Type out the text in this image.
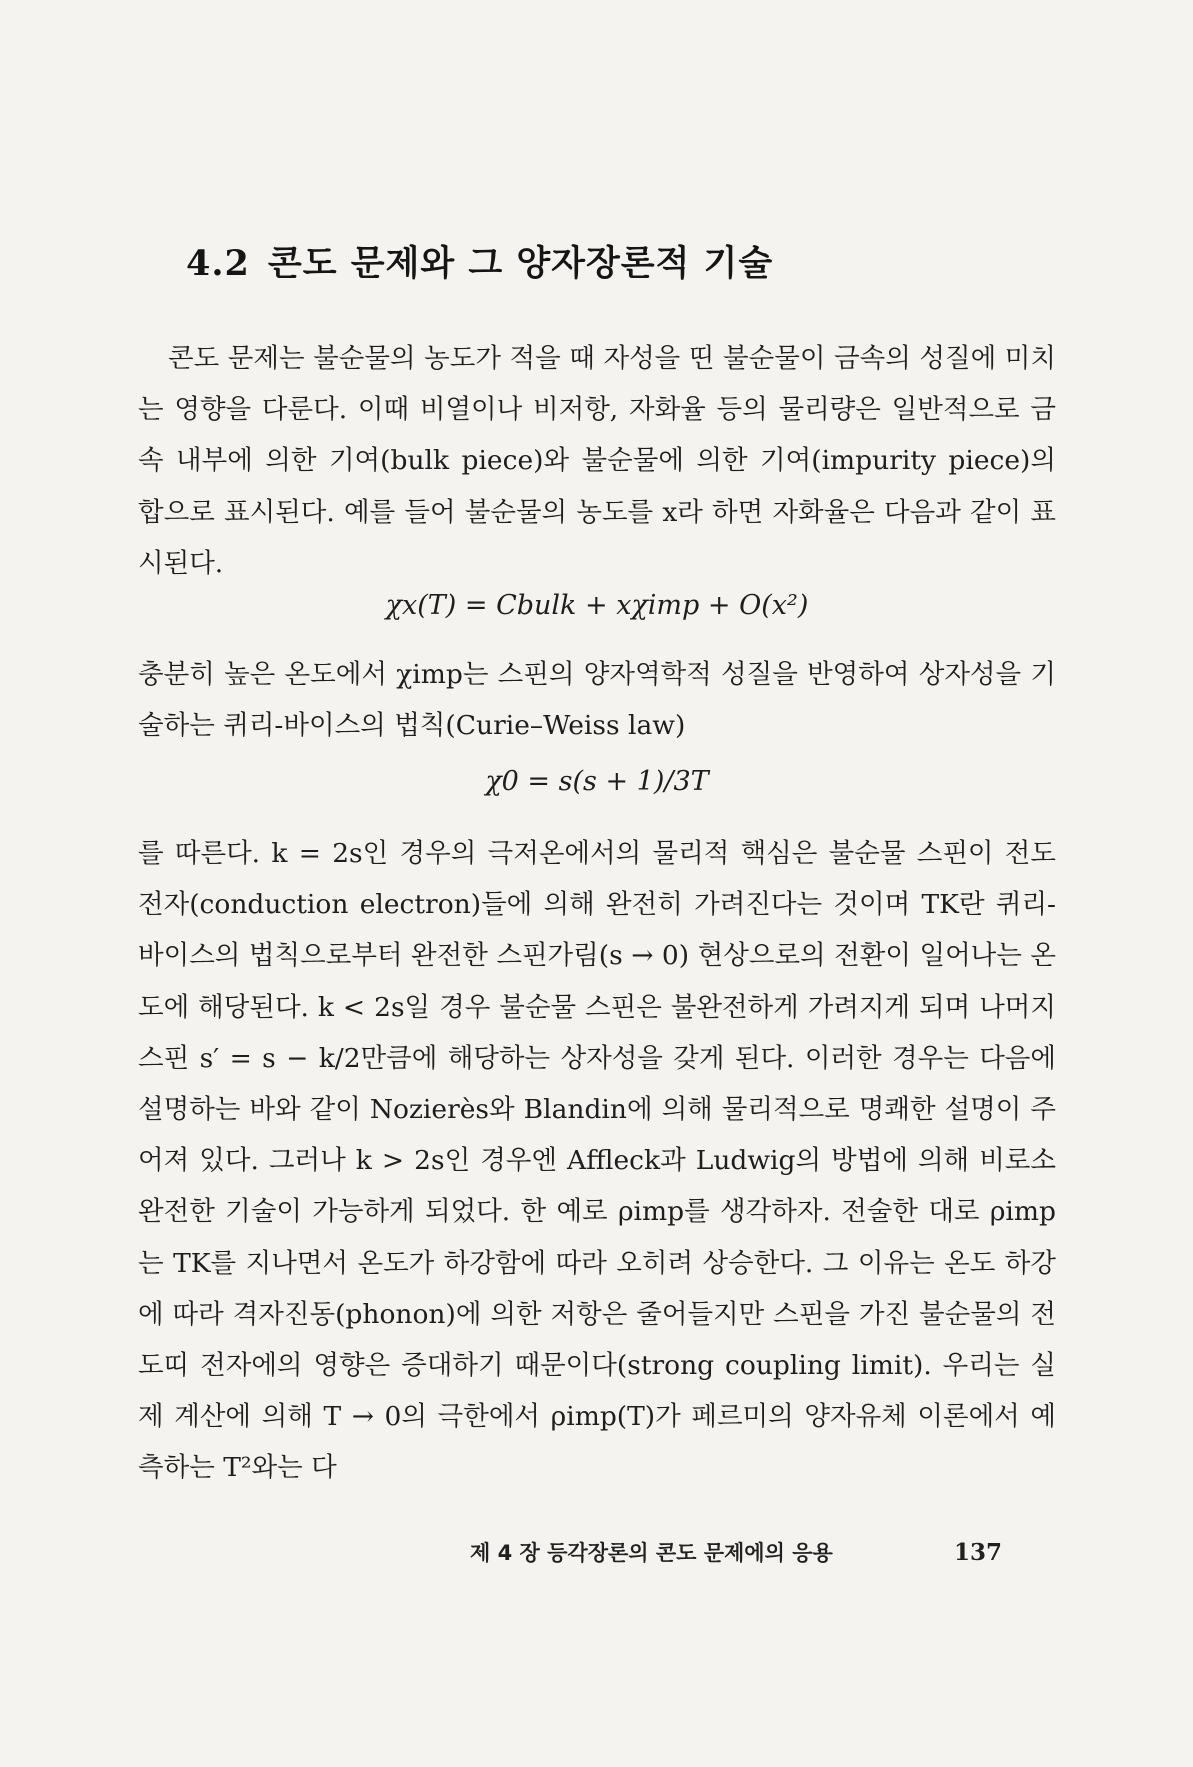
4.2 콘도 문제와 그 양자장론적 기술

콘도 문제는 불순물의 농도가 적을 때 자성을 띤 불순물이 금속의 성질에 미치는 영향을 다룬다. 이때 비열이나 비저항, 자화율 등의 물리량은 일반적으로 금속 내부에 의한 기여(bulk piece)와 불순물에 의한 기여(impurity piece)의 합으로 표시된다. 예를 들어 불순물의 농도를 x라 하면 자화율은 다음과 같이 표시된다.

χx(T) = Cbulk + xχimp + O(x²)

충분히 높은 온도에서 χimp는 스핀의 양자역학적 성질을 반영하여 상자성을 기술하는 퀴리-바이스의 법칙(Curie–Weiss law)

χ0 = s(s + 1)/3T

를 따른다. k = 2s인 경우의 극저온에서의 물리적 핵심은 불순물 스핀이 전도 전자(conduction electron)들에 의해 완전히 가려진다는 것이며 TK란 퀴리-바이스의 법칙으로부터 완전한 스핀가림(s → 0) 현상으로의 전환이 일어나는 온도에 해당된다. k < 2s일 경우 불순물 스핀은 불완전하게 가려지게 되며 나머지 스핀 s′ = s − k/2만큼에 해당하는 상자성을 갖게 된다. 이러한 경우는 다음에 설명하는 바와 같이 Nozierès와 Blandin에 의해 물리적으로 명쾌한 설명이 주어져 있다. 그러나 k > 2s인 경우엔 Affleck과 Ludwig의 방법에 의해 비로소 완전한 기술이 가능하게 되었다. 한 예로 ρimp를 생각하자. 전술한 대로 ρimp는 TK를 지나면서 온도가 하강함에 따라 오히려 상승한다. 그 이유는 온도 하강에 따라 격자진동(phonon)에 의한 저항은 줄어들지만 스핀을 가진 불순물의 전도띠 전자에의 영향은 증대하기 때문이다(strong coupling limit). 우리는 실제 계산에 의해 T → 0의 극한에서 ρimp(T)가 페르미의 양자유체 이론에서 예측하는 T²와는 다

제 4 장 등각장론의 콘도 문제에의 응용	137
